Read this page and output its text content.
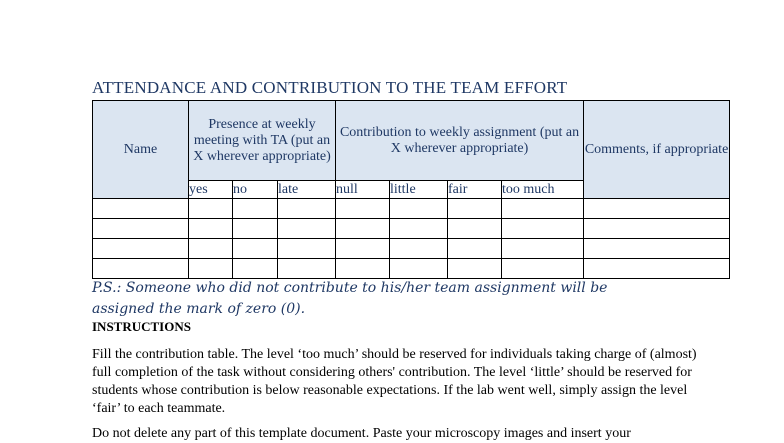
ATTENDANCE AND CONTRIBUTION TO THE TEAM EFFORT
Name	Presence at weekly meeting with TA (put an X wherever appropriate)			Contribution to weekly assignment (put an X wherever appropriate)				Comments, if appropriate
	yes	no	late	null	little	fair	too much	

P.S.: Someone who did not contribute to his/her team assignment will be assigned the mark of zero (0).
INSTRUCTIONS
Fill the contribution table. The level ‘too much’ should be reserved for individuals taking charge of (almost) full completion of the task without considering others' contribution. The level ‘little’ should be reserved for students whose contribution is below reasonable expectations. If the lab went well, simply assign the level ‘fair’ to each teammate.
Do not delete any part of this template document. Paste your microscopy images and insert your
